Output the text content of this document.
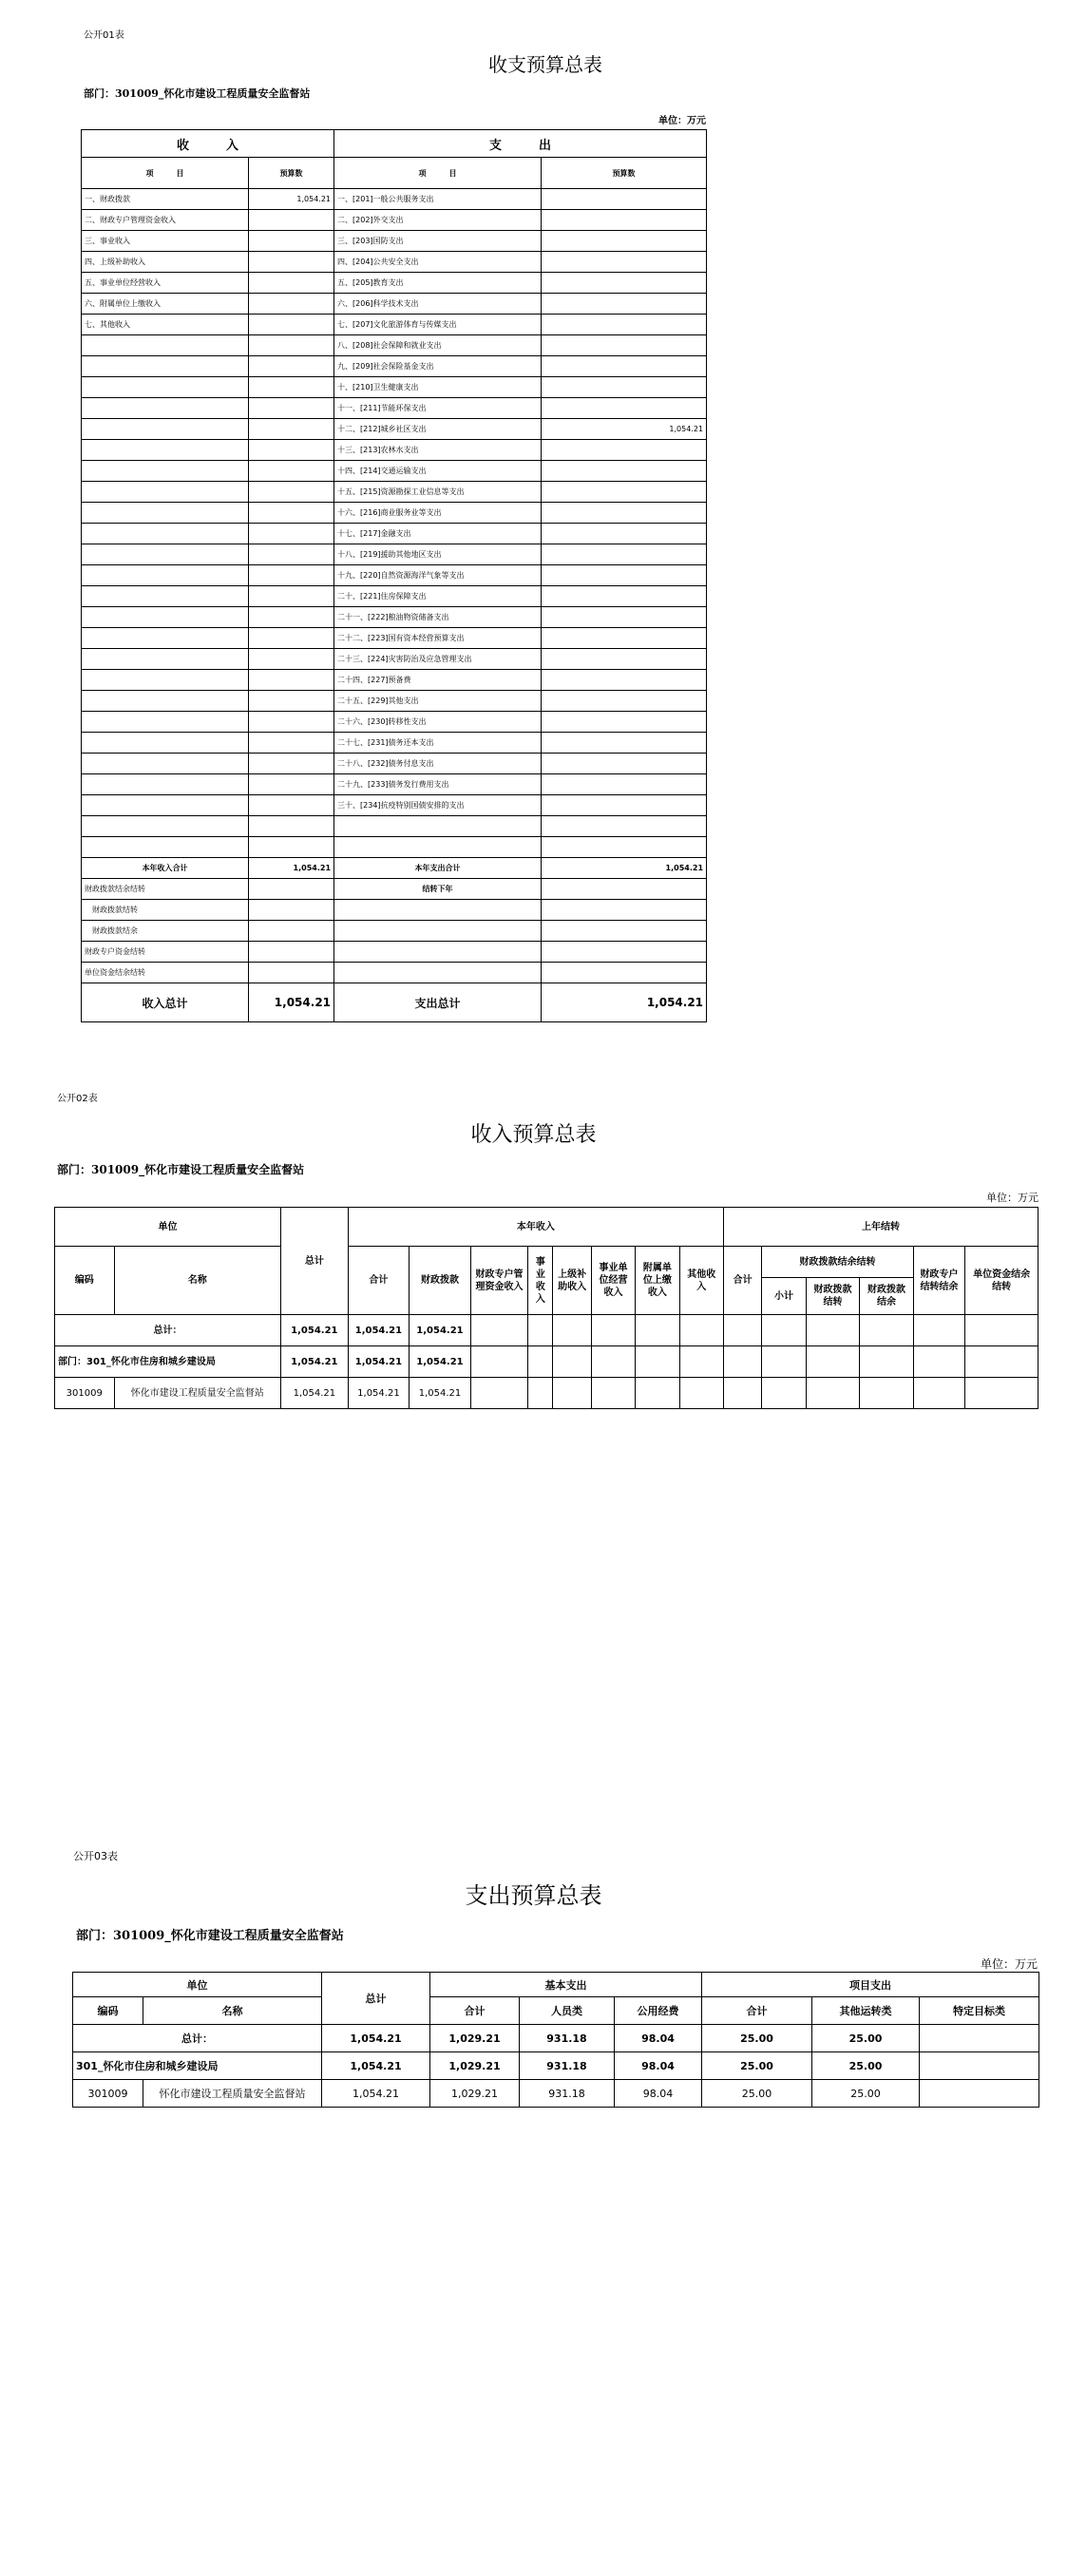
公开01表
收支预算总表
部门：301009_怀化市建设工程质量安全监督站
单位：万元
收　　　入		支　　　出	
项　　　目	预算数	项　　　目	预算数
一、财政拨款	1,054.21	一、[201]一般公共服务支出	
二、财政专户管理资金收入		二、[202]外交支出	
三、事业收入		三、[203]国防支出	
四、上级补助收入		四、[204]公共安全支出	
五、事业单位经营收入		五、[205]教育支出	
六、附属单位上缴收入		六、[206]科学技术支出	
七、其他收入		七、[207]文化旅游体育与传媒支出	
		八、[208]社会保障和就业支出	
		九、[209]社会保险基金支出	
		十、[210]卫生健康支出	
		十一、[211]节能环保支出	
		十二、[212]城乡社区支出	1,054.21
		十三、[213]农林水支出	
		十四、[214]交通运输支出	
		十五、[215]资源勘探工业信息等支出	
		十六、[216]商业服务业等支出	
		十七、[217]金融支出	
		十八、[219]援助其他地区支出	
		十九、[220]自然资源海洋气象等支出	
		二十、[221]住房保障支出	
		二十一、[222]粮油物资储备支出	
		二十二、[223]国有资本经营预算支出	
		二十三、[224]灾害防治及应急管理支出	
		二十四、[227]预备费	
		二十五、[229]其他支出	
		二十六、[230]转移性支出	
		二十七、[231]债务还本支出	
		二十八、[232]债务付息支出	
		二十九、[233]债务发行费用支出	
		三十、[234]抗疫特别国债安排的支出	

本年收入合计	1,054.21	本年支出合计	1,054.21
财政拨款结余结转		结转下年	
　财政拨款结转			
　财政拨款结余			
财政专户资金结转			
单位资金结余结转			
收入总计	1,054.21	支出总计	1,054.21
公开02表
收入预算总表
部门：301009_怀化市建设工程质量安全监督站
单位：万元
单位		总计	本年收入								上年结转					
编码	名称		合计	财政拨款	财政专户管理资金收入	事业收入	上级补助收入	事业单位经营收入	附属单位上缴收入	其他收入	合计	财政拨款结余结转			财政专户结转结余	单位资金结余结转
												小计	财政拨款结转	财政拨款结余		
总计：		1,054.21	1,054.21	1,054.21												
部门：301_怀化市住房和城乡建设局		1,054.21	1,054.21	1,054.21												
301009	怀化市建设工程质量安全监督站	1,054.21	1,054.21	1,054.21												
公开03表
支出预算总表
部门：301009_怀化市建设工程质量安全监督站
单位：万元
单位		总计	基本支出			项目支出		
编码	名称		合计	人员类	公用经费	合计	其他运转类	特定目标类
总计：		1,054.21	1,029.21	931.18	98.04	25.00	25.00	
301_怀化市住房和城乡建设局		1,054.21	1,029.21	931.18	98.04	25.00	25.00	
301009	怀化市建设工程质量安全监督站	1,054.21	1,029.21	931.18	98.04	25.00	25.00	
